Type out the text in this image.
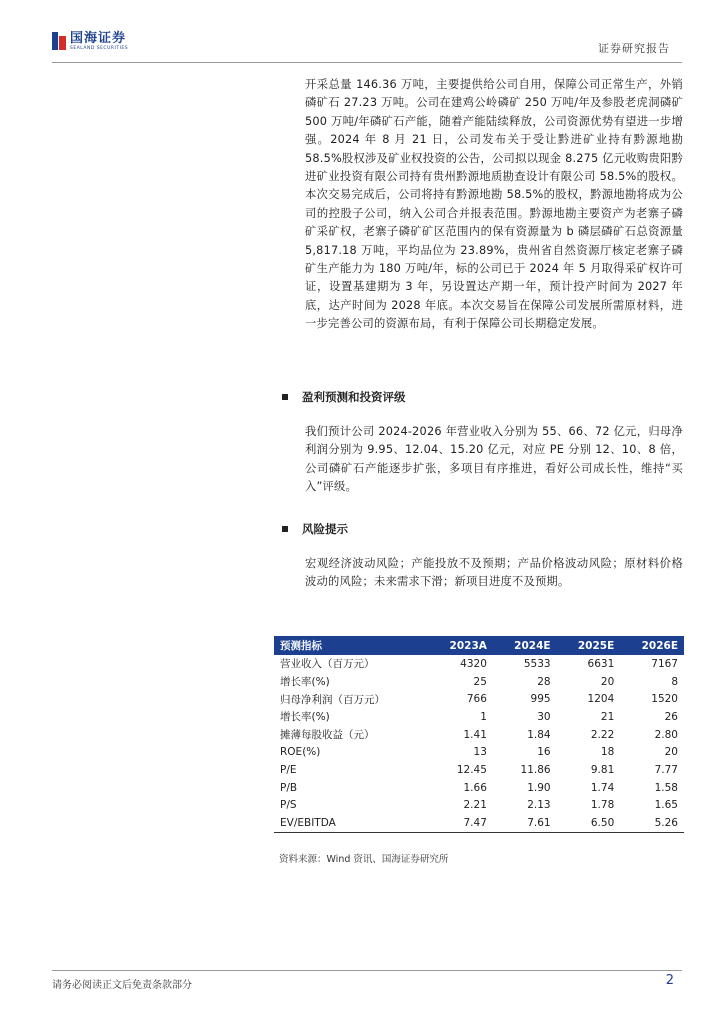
国海证券
SEALAND SECURITIES	证券研究报告
开采总量 146.36 万吨，主要提供给公司自用，保障公司正常生产，外销磷矿石 27.23 万吨。公司在建鸡公岭磷矿 250 万吨/年及参股老虎洞磷矿 500 万吨/年磷矿石产能，随着产能陆续释放，公司资源优势有望进一步增强。2024 年 8 月 21 日，公司发布关于受让黔进矿业持有黔源地勘 58.5%股权涉及矿业权投资的公告，公司拟以现金 8.275 亿元收购贵阳黔进矿业投资有限公司持有贵州黔源地质勘查设计有限公司 58.5%的股权。本次交易完成后，公司将持有黔源地勘 58.5%的股权，黔源地勘将成为公司的控股子公司，纳入公司合并报表范围。黔源地勘主要资产为老寨子磷矿采矿权，老寨子磷矿矿区范围内的保有资源量为 b 磷层磷矿石总资源量 5,817.18 万吨，平均品位为 23.89%，贵州省自然资源厅核定老寨子磷矿生产能力为 180 万吨/年，标的公司已于 2024 年 5 月取得采矿权许可证，设置基建期为 3 年，另设置达产期一年，预计投产时间为 2027 年底，达产时间为 2028 年底。本次交易旨在保障公司发展所需原材料，进一步完善公司的资源布局，有利于保障公司长期稳定发展。
盈利预测和投资评级
我们预计公司 2024-2026 年营业收入分别为 55、66、72 亿元，归母净利润分别为 9.95、12.04、15.20 亿元，对应 PE 分别 12、10、8 倍，公司磷矿石产能逐步扩张，多项目有序推进，看好公司成长性，维持“买入”评级。
风险提示
宏观经济波动风险；产能投放不及预期；产品价格波动风险；原材料价格波动的风险；未来需求下滑；新项目进度不及预期。
预测指标	2023A	2024E	2025E	2026E
营业收入（百万元）	4320	5533	6631	7167
增长率(%)	25	28	20	8
归母净利润（百万元）	766	995	1204	1520
增长率(%)	1	30	21	26
摊薄每股收益（元）	1.41	1.84	2.22	2.80
ROE(%)	13	16	18	20
P/E	12.45	11.86	9.81	7.77
P/B	1.66	1.90	1.74	1.58
P/S	2.21	2.13	1.78	1.65
EV/EBITDA	7.47	7.61	6.50	5.26
资料来源：Wind 资讯、国海证券研究所
请务必阅读正文后免责条款部分	2
